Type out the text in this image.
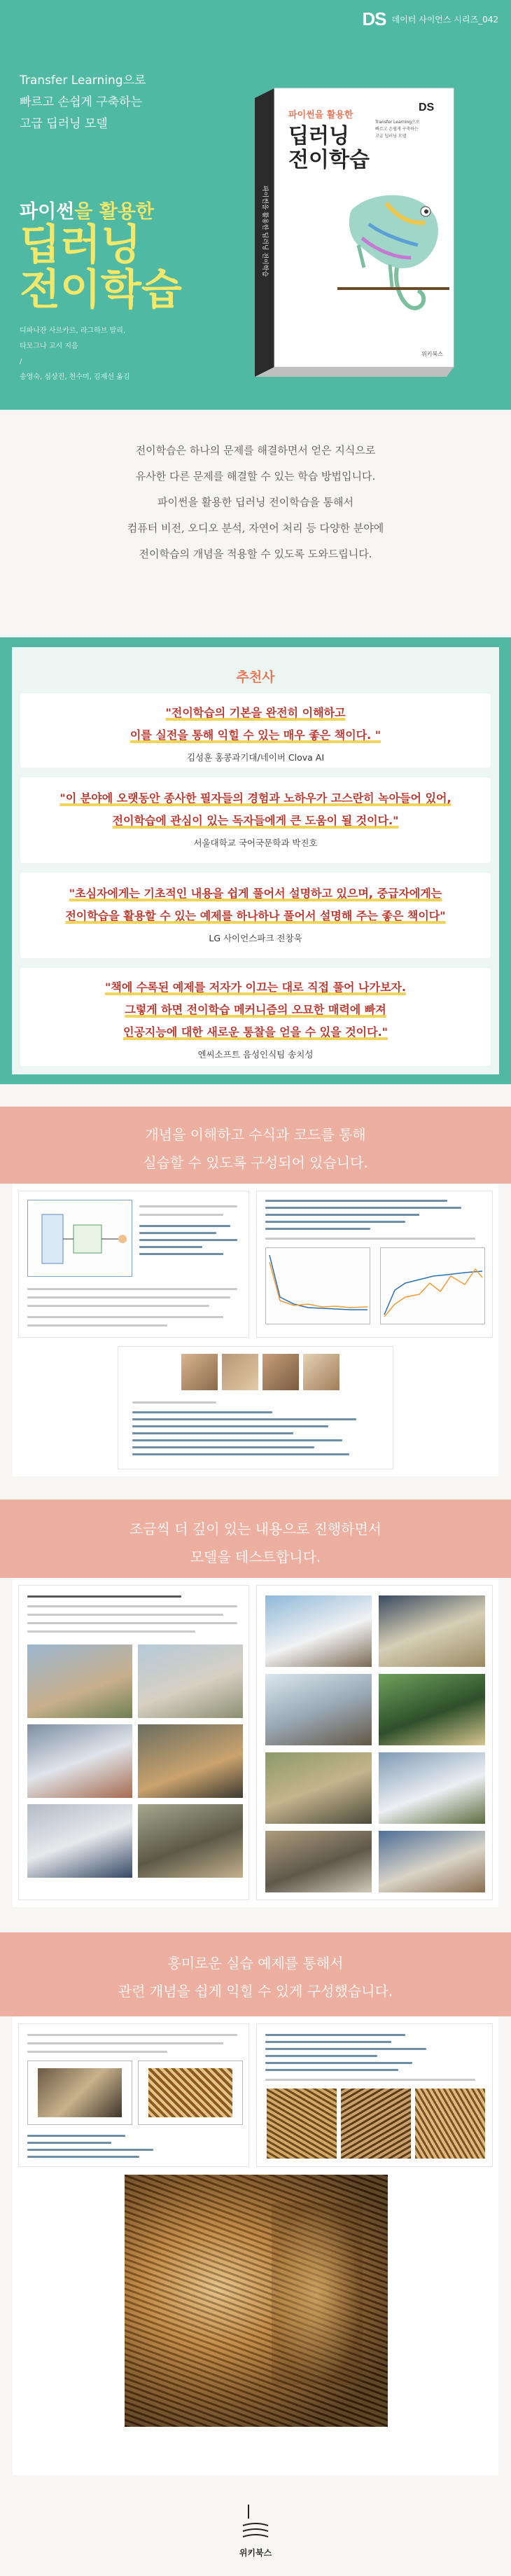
DS 데이터 사이언스 시리즈_042
Transfer Learning으로
빠르고 손쉽게 구축하는
고급 딥러닝 모델
파이썬을 활용한
딥러닝
전이학습
디파나잔 사르카르, 라그하브 발리,
타모그나 고시 지음
/
송영숙, 심상진, 천수미, 김제선 옮김
파이썬을 활용한 딥러닝 전이학습
파이썬을 활용한
딥러닝
전이학습
DS
Transfer Learning으로
빠르고 손쉽게 구축하는
고급 딥러닝 모델
위키북스
전이학습은 하나의 문제를 해결하면서 얻은 지식으로
유사한 다른 문제를 해결할 수 있는 학습 방법입니다.
파이썬을 활용한 딥러닝 전이학습을 통해서
컴퓨터 비전, 오디오 분석, 자연어 처리 등 다양한 분야에
전이학습의 개념을 적용할 수 있도록 도와드립니다.
추천사
"전이학습의 기본을 완전히 이해하고
이를 실전을 통해 익힐 수 있는 매우 좋은 책이다. "
김성훈 홍콩과기대/네이버 Clova AI
"이 분야에 오랫동안 종사한 필자들의 경험과 노하우가 고스란히 녹아들어 있어,
전이학습에 관심이 있는 독자들에게 큰 도움이 될 것이다."
서울대학교 국어국문학과 박진호
"초심자에게는 기초적인 내용을 쉽게 풀어서 설명하고 있으며, 중급자에게는
전이학습을 활용할 수 있는 예제를 하나하나 풀어서 설명해 주는 좋은 책이다"
LG 사이언스파크 전창욱
"책에 수록된 예제를 저자가 이끄는 대로 직접 풀어 나가보자.
그렇게 하면 전이학습 메커니즘의 오묘한 매력에 빠져
인공지능에 대한 새로운 통찰을 얻을 수 있을 것이다."
엔씨소프트 음성인식팀 송치성
개념을 이해하고 수식과 코드를 통해
실습할 수 있도록 구성되어 있습니다.
조금씩 더 깊이 있는 내용으로 진행하면서
모델을 테스트합니다.
흥미로운 실습 예제를 통해서
관련 개념을 쉽게 익힐 수 있게 구성했습니다.
위키북스
